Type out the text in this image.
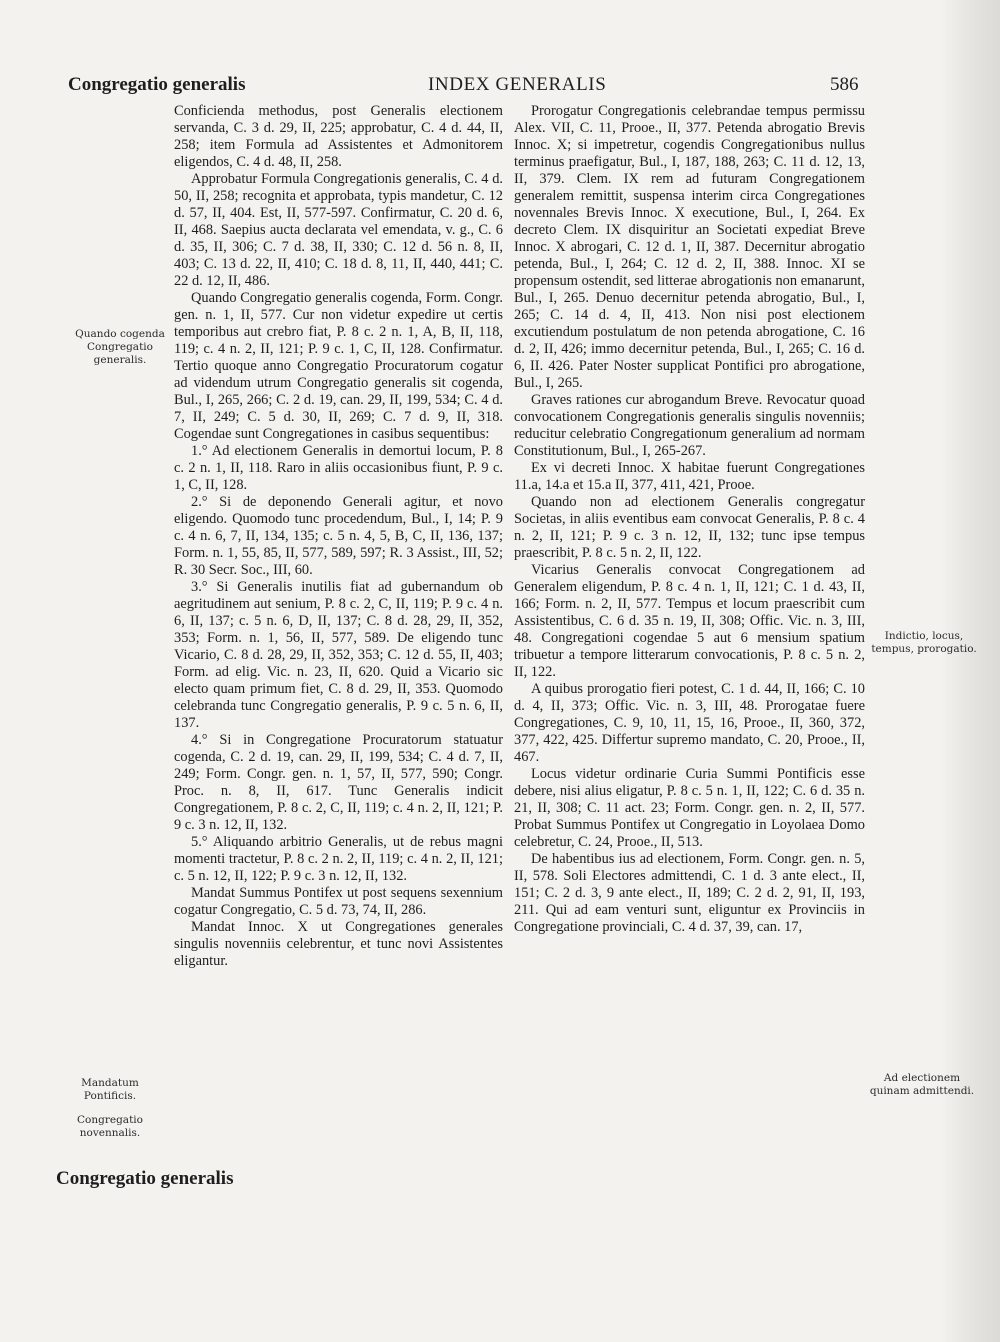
Congregatio generalis	INDEX GENERALIS	586

Conficienda methodus, post Generalis electionem servanda, C. 3 d. 29, II, 225; approbatur, C. 4 d. 44, II, 258; item Formula ad Assistentes et Admonitorem eligendos, C. 4 d. 48, II, 258.

Approbatur Formula Congregationis generalis, C. 4 d. 50, II, 258; recognita et approbata, typis mandetur, C. 12 d. 57, II, 404. Est, II, 577-597. Confirmatur, C. 20 d. 6, II, 468. Saepius aucta declarata vel emendata, v. g., C. 6 d. 35, II, 306; C. 7 d. 38, II, 330; C. 12 d. 56 n. 8, II, 403; C. 13 d. 22, II, 410; C. 18 d. 8, 11, II, 440, 441; C. 22 d. 12, II, 486.

Quando Congregatio generalis cogenda, Form. Congr. gen. n. 1, II, 577. Cur non videtur expedire ut certis temporibus aut crebro fiat, P. 8 c. 2 n. 1, A, B, II, 118, 119; c. 4 n. 2, II, 121; P. 9 c. 1, C, II, 128. Confirmatur. Tertio quoque anno Congregatio Procuratorum cogatur ad videndum utrum Congregatio generalis sit cogenda, Bul., I, 265, 266; C. 2 d. 19, can. 29, II, 199, 534; C. 4 d. 7, II, 249; C. 5 d. 30, II, 269; C. 7 d. 9, II, 318. Cogendae sunt Congregationes in casibus sequentibus:

1.° Ad electionem Generalis in demortui locum, P. 8 c. 2 n. 1, II, 118. Raro in aliis occasionibus fiunt, P. 9 c. 1, C, II, 128.

2.° Si de deponendo Generali agitur, et novo eligendo. Quomodo tunc procedendum, Bul., I, 14; P. 9 c. 4 n. 6, 7, II, 134, 135; c. 5 n. 4, 5, B, C, II, 136, 137; Form. n. 1, 55, 85, II, 577, 589, 597; R. 3 Assist., III, 52; R. 30 Secr. Soc., III, 60.

3.° Si Generalis inutilis fiat ad gubernandum ob aegritudinem aut senium, P. 8 c. 2, C, II, 119; P. 9 c. 4 n. 6, II, 137; c. 5 n. 6, D, II, 137; C. 8 d. 28, 29, II, 352, 353; Form. n. 1, 56, II, 577, 589. De eligendo tunc Vicario, C. 8 d. 28, 29, II, 352, 353; C. 12 d. 55, II, 403; Form. ad elig. Vic. n. 23, II, 620. Quid a Vicario sic electo quam primum fiet, C. 8 d. 29, II, 353. Quomodo celebranda tunc Congregatio generalis, P. 9 c. 5 n. 6, II, 137.

4.° Si in Congregatione Procuratorum statuatur cogenda, C. 2 d. 19, can. 29, II, 199, 534; C. 4 d. 7, II, 249; Form. Congr. gen. n. 1, 57, II, 577, 590; Congr. Proc. n. 8, II, 617. Tunc Generalis indicit Congregationem, P. 8 c. 2, C, II, 119; c. 4 n. 2, II, 121; P. 9 c. 3 n. 12, II, 132.

5.° Aliquando arbitrio Generalis, ut de rebus magni momenti tractetur, P. 8 c. 2 n. 2, II, 119; c. 4 n. 2, II, 121; c. 5 n. 12, II, 122; P. 9 c. 3 n. 12, II, 132.

Mandat Summus Pontifex ut post sequens sexennium cogatur Congregatio, C. 5 d. 73, 74, II, 286.

Mandat Innoc. X ut Congregationes generales singulis novenniis celebrentur, et tunc novi Assistentes eligantur.

Prorogatur Congregationis celebrandae tempus permissu Alex. VII, C. 11, Prooe., II, 377. Petenda abrogatio Brevis Innoc. X; si impetretur, cogendis Congregationibus nullus terminus praefigatur, Bul., I, 187, 188, 263; C. 11 d. 12, 13, II, 379. Clem. IX rem ad futuram Congregationem generalem remittit, suspensa interim circa Congregationes novennales Brevis Innoc. X executione, Bul., I, 264. Ex decreto Clem. IX disquiritur an Societati expediat Breve Innoc. X abrogari, C. 12 d. 1, II, 387. Decernitur abrogatio petenda, Bul., I, 264; C. 12 d. 2, II, 388. Innoc. XI se propensum ostendit, sed litterae abrogationis non emanarunt, Bul., I, 265. Denuo decernitur petenda abrogatio, Bul., I, 265; C. 14 d. 4, II, 413. Non nisi post electionem excutiendum postulatum de non petenda abrogatione, C. 16 d. 2, II, 426; immo decernitur petenda, Bul., I, 265; C. 16 d. 6, II. 426. Pater Noster supplicat Pontifici pro abrogatione, Bul., I, 265.

Graves rationes cur abrogandum Breve. Revocatur quoad convocationem Congregationis generalis singulis novenniis; reducitur celebratio Congregationum generalium ad normam Constitutionum, Bul., I, 265-267.

Ex vi decreti Innoc. X habitae fuerunt Congregationes 11.a, 14.a et 15.a II, 377, 411, 421, Prooe.

Quando non ad electionem Generalis congregatur Societas, in aliis eventibus eam convocat Generalis, P. 8 c. 4 n. 2, II, 121; P. 9 c. 3 n. 12, II, 132; tunc ipse tempus praescribit, P. 8 c. 5 n. 2, II, 122.

Vicarius Generalis convocat Congregationem ad Generalem eligendum, P. 8 c. 4 n. 1, II, 121; C. 1 d. 43, II, 166; Form. n. 2, II, 577. Tempus et locum praescribit cum Assistentibus, C. 6 d. 35 n. 19, II, 308; Offic. Vic. n. 3, III, 48. Congregationi cogendae 5 aut 6 mensium spatium tribuetur a tempore litterarum convocationis, P. 8 c. 5 n. 2, II, 122.

A quibus prorogatio fieri potest, C. 1 d. 44, II, 166; C. 10 d. 4, II, 373; Offic. Vic. n. 3, III, 48. Prorogatae fuere Congregationes, C. 9, 10, 11, 15, 16, Prooe., II, 360, 372, 377, 422, 425. Differtur supremo mandato, C. 20, Prooe., II, 467.

Locus videtur ordinarie Curia Summi Pontificis esse debere, nisi alius eligatur, P. 8 c. 5 n. 1, II, 122; C. 6 d. 35 n. 21, II, 308; C. 11 act. 23; Form. Congr. gen. n. 2, II, 577. Probat Summus Pontifex ut Congregatio in Loyolaea Domo celebretur, C. 24, Prooe., II, 513.

De habentibus ius ad electionem, Form. Congr. gen. n. 5, II, 578. Soli Electores admittendi, C. 1 d. 3 ante elect., II, 151; C. 2 d. 3, 9 ante elect., II, 189; C. 2 d. 2, 91, II, 193, 211. Qui ad eam venturi sunt, eliguntur ex Provinciis in Congregatione provinciali, C. 4 d. 37, 39, can. 17,

Quando cogenda Congregatio generalis.
Mandatum Pontificis.
Congregatio novennalis.
Indictio, locus, tempus, prorogatio.
Ad electionem quinam admittendi.
Congregatio generalis
